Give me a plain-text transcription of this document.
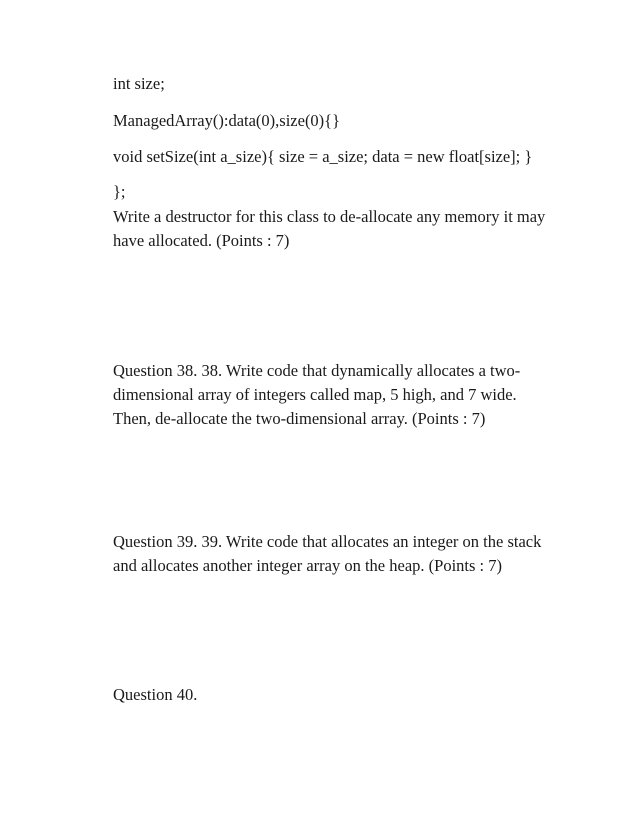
int size;

ManagedArray():data(0),size(0){}

void setSize(int a_size){ size = a_size; data = new float[size]; }

};

Write a destructor for this class to de-allocate any memory it may
have allocated. (Points : 7)
Question 38. 38. Write code that dynamically allocates a two-
dimensional array of integers called map, 5 high, and 7 wide.
Then, de-allocate the two-dimensional array. (Points : 7)
Question 39. 39. Write code that allocates an integer on the stack
and allocates another integer array on the heap. (Points : 7)
Question 40.
